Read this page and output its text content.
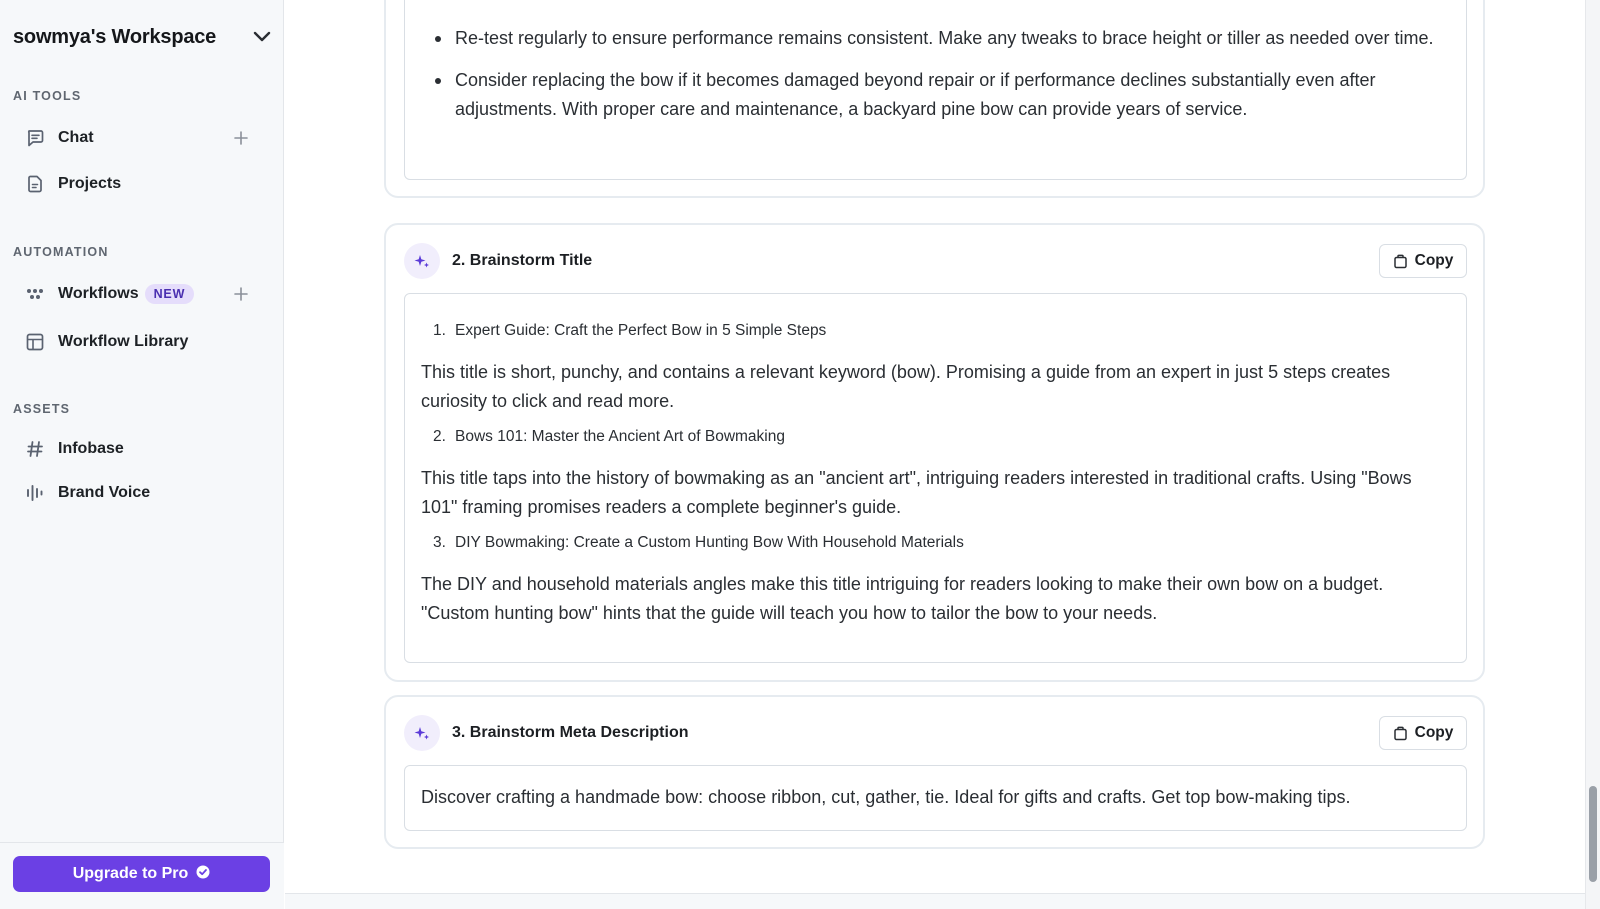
sowmya's Workspace
AI TOOLS
Chat
Projects
AUTOMATION
Workflows NEW
Workflow Library
ASSETS
Infobase
Brand Voice
Upgrade to Pro
Re-test regularly to ensure performance remains consistent. Make any tweaks to brace height or tiller as needed over time.
Consider replacing the bow if it becomes damaged beyond repair or if performance declines substantially even after adjustments. With proper care and maintenance, a backyard pine bow can provide years of service.
2. Brainstorm Title	Copy
1. Expert Guide: Craft the Perfect Bow in 5 Simple Steps

This title is short, punchy, and contains a relevant keyword (bow). Promising a guide from an expert in just 5 steps creates curiosity to click and read more.

2. Bows 101: Master the Ancient Art of Bowmaking

This title taps into the history of bowmaking as an "ancient art", intriguing readers interested in traditional crafts. Using "Bows 101" framing promises readers a complete beginner's guide.

3. DIY Bowmaking: Create a Custom Hunting Bow With Household Materials

The DIY and household materials angles make this title intriguing for readers looking to make their own bow on a budget. "Custom hunting bow" hints that the guide will teach you how to tailor the bow to your needs.

3. Brainstorm Meta Description	Copy

Discover crafting a handmade bow: choose ribbon, cut, gather, tie. Ideal for gifts and crafts. Get top bow-making tips.
